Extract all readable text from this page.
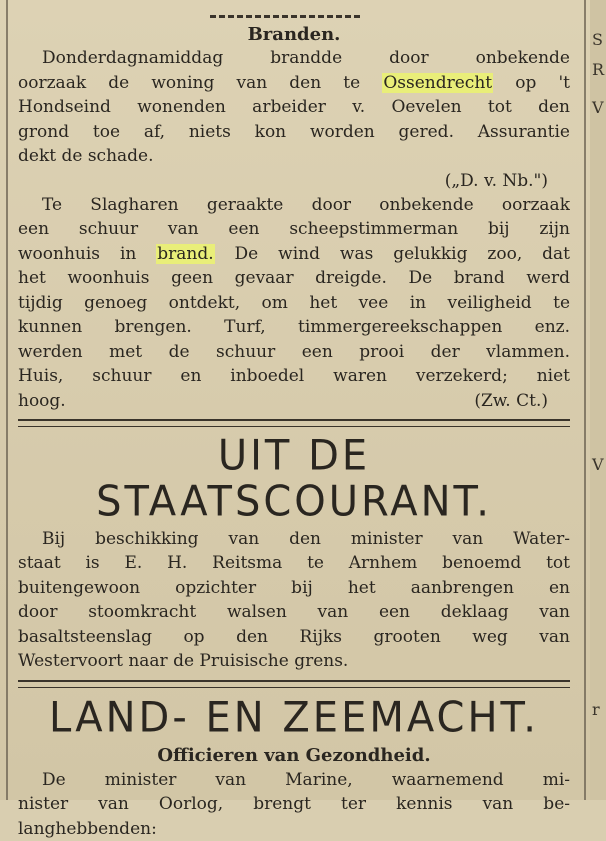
S
R
V
V
r
Branden.
Donderdagnamiddag brandde door onbekende
oorzaak de woning van den te Ossendrecht op 't
Hondseind wonenden arbeider v. Oevelen tot den
grond toe af, niets kon worden gered. Assurantie
dekt de schade.
(„D. v. Nb.")
Te Slagharen geraakte door onbekende oorzaak
een schuur van een scheepstimmerman bij zijn
woonhuis in brand. De wind was gelukkig zoo, dat
het woonhuis geen gevaar dreigde. De brand werd
tijdig genoeg ontdekt, om het vee in veiligheid te
kunnen brengen. Turf, timmergereekschappen enz.
werden met de schuur een prooi der vlammen.
Huis, schuur en inboedel waren verzekerd; niet
hoog.	(Zw. Ct.)
UIT DE STAATSCOURANT.
Bij beschikking van den minister van Water-
staat is E. H. Reitsma te Arnhem benoemd tot
buitengewoon opzichter bij het aanbrengen en
door stoomkracht walsen van een deklaag van
basaltsteenslag op den Rijks grooten weg van
Westervoort naar de Pruisische grens.
LAND- EN ZEEMACHT.
Officieren van Gezondheid.
De minister van Marine, waarnemend mi-
nister van Oorlog, brengt ter kennis van be-
langhebbenden:
